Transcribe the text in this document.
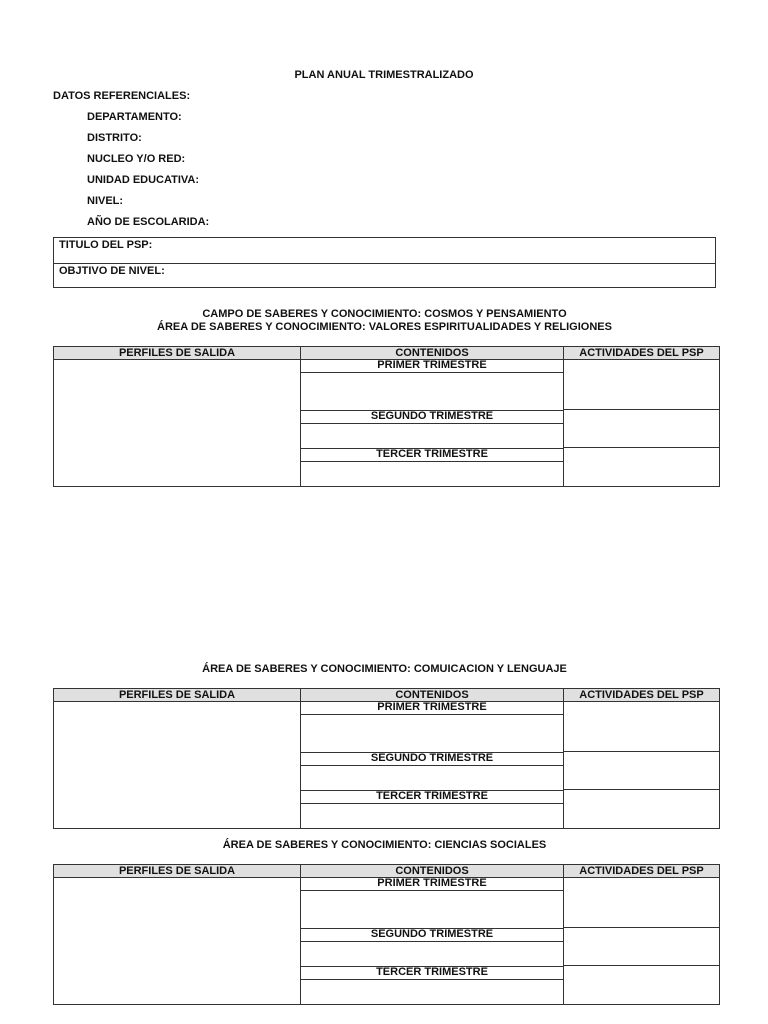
PLAN ANUAL TRIMESTRALIZADO
DATOS REFERENCIALES:
DEPARTAMENTO:
DISTRITO:
NUCLEO Y/O RED:
UNIDAD EDUCATIVA:
NIVEL:
AÑO DE ESCOLARIDA:
TITULO DEL PSP:
OBJTIVO DE NIVEL:
CAMPO DE SABERES Y CONOCIMIENTO: COSMOS Y PENSAMIENTO
ÁREA DE SABERES Y CONOCIMIENTO: VALORES ESPIRITUALIDADES Y RELIGIONES
PERFILES DE SALIDA	CONTENIDOS	ACTIVIDADES DEL PSP

	PRIMER TRIMESTRE
SEGUNDO TRIMESTRE
TERCER TRIMESTRE	

ÁREA DE SABERES Y CONOCIMIENTO: COMUICACION Y LENGUAJE
PERFILES DE SALIDA	CONTENIDOS	ACTIVIDADES DEL PSP

	PRIMER TRIMESTRE
SEGUNDO TRIMESTRE
TERCER TRIMESTRE	

ÁREA DE SABERES Y CONOCIMIENTO: CIENCIAS SOCIALES
PERFILES DE SALIDA	CONTENIDOS	ACTIVIDADES DEL PSP

	PRIMER TRIMESTRE
SEGUNDO TRIMESTRE
TERCER TRIMESTRE	
